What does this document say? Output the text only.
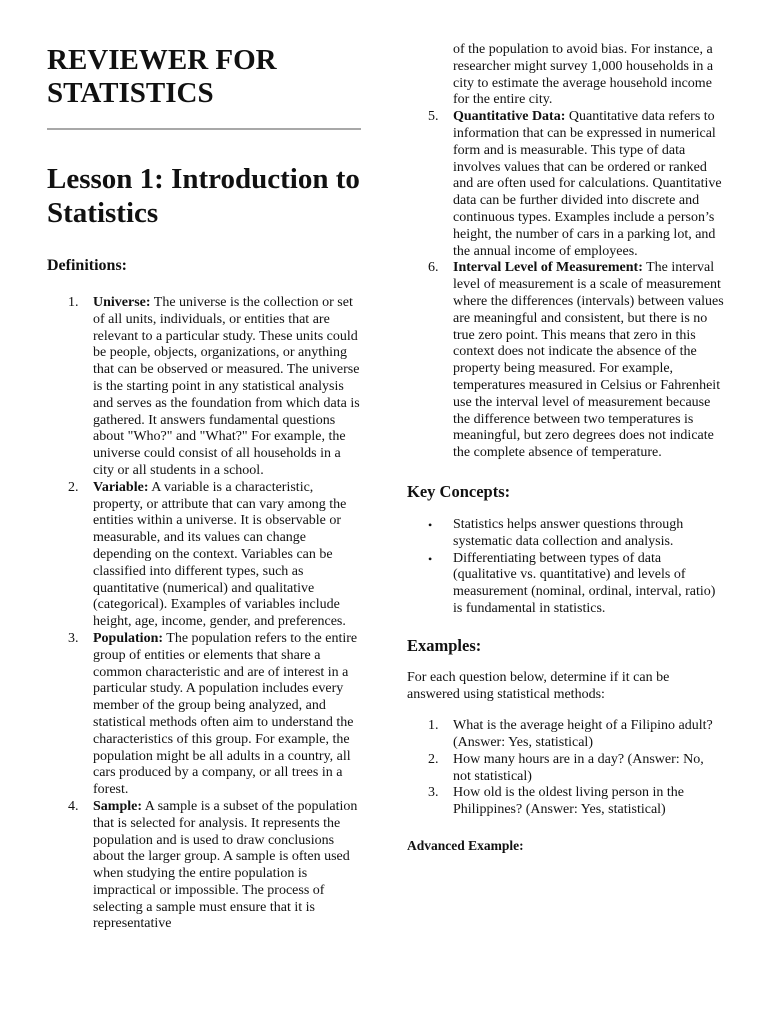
REVIEWER FOR STATISTICS
Lesson 1: Introduction to Statistics
Definitions:
1. Universe: The universe is the collection or set of all units, individuals, or entities that are relevant to a particular study. These units could be people, objects, organizations, or anything that can be observed or measured. The universe is the starting point in any statistical analysis and serves as the foundation from which data is gathered. It answers fundamental questions about "Who?" and "What?" For example, the universe could consist of all households in a city or all students in a school.
2. Variable: A variable is a characteristic, property, or attribute that can vary among the entities within a universe. It is observable or measurable, and its values can change depending on the context. Variables can be classified into different types, such as quantitative (numerical) and qualitative (categorical). Examples of variables include height, age, income, gender, and preferences.
3. Population: The population refers to the entire group of entities or elements that share a common characteristic and are of interest in a particular study. A population includes every member of the group being analyzed, and statistical methods often aim to understand the characteristics of this group. For example, the population might be all adults in a country, all cars produced by a company, or all trees in a forest.
4. Sample: A sample is a subset of the population that is selected for analysis. It represents the population and is used to draw conclusions about the larger group. A sample is often used when studying the entire population is impractical or impossible. The process of selecting a sample must ensure that it is representative
of the population to avoid bias. For instance, a researcher might survey 1,000 households in a city to estimate the average household income for the entire city.
5. Quantitative Data: Quantitative data refers to information that can be expressed in numerical form and is measurable. This type of data involves values that can be ordered or ranked and are often used for calculations. Quantitative data can be further divided into discrete and continuous types. Examples include a person’s height, the number of cars in a parking lot, and the annual income of employees.
6. Interval Level of Measurement: The interval level of measurement is a scale of measurement where the differences (intervals) between values are meaningful and consistent, but there is no true zero point. This means that zero in this context does not indicate the absence of the property being measured. For example, temperatures measured in Celsius or Fahrenheit use the interval level of measurement because the difference between two temperatures is meaningful, but zero degrees does not indicate the complete absence of temperature.
Key Concepts:
• Statistics helps answer questions through systematic data collection and analysis.
• Differentiating between types of data (qualitative vs. quantitative) and levels of measurement (nominal, ordinal, interval, ratio) is fundamental in statistics.
Examples:

For each question below, determine if it can be answered using statistical methods:

1. What is the average height of a Filipino adult? (Answer: Yes, statistical)
2. How many hours are in a day? (Answer: No, not statistical)
3. How old is the oldest living person in the Philippines? (Answer: Yes, statistical)

Advanced Example:
